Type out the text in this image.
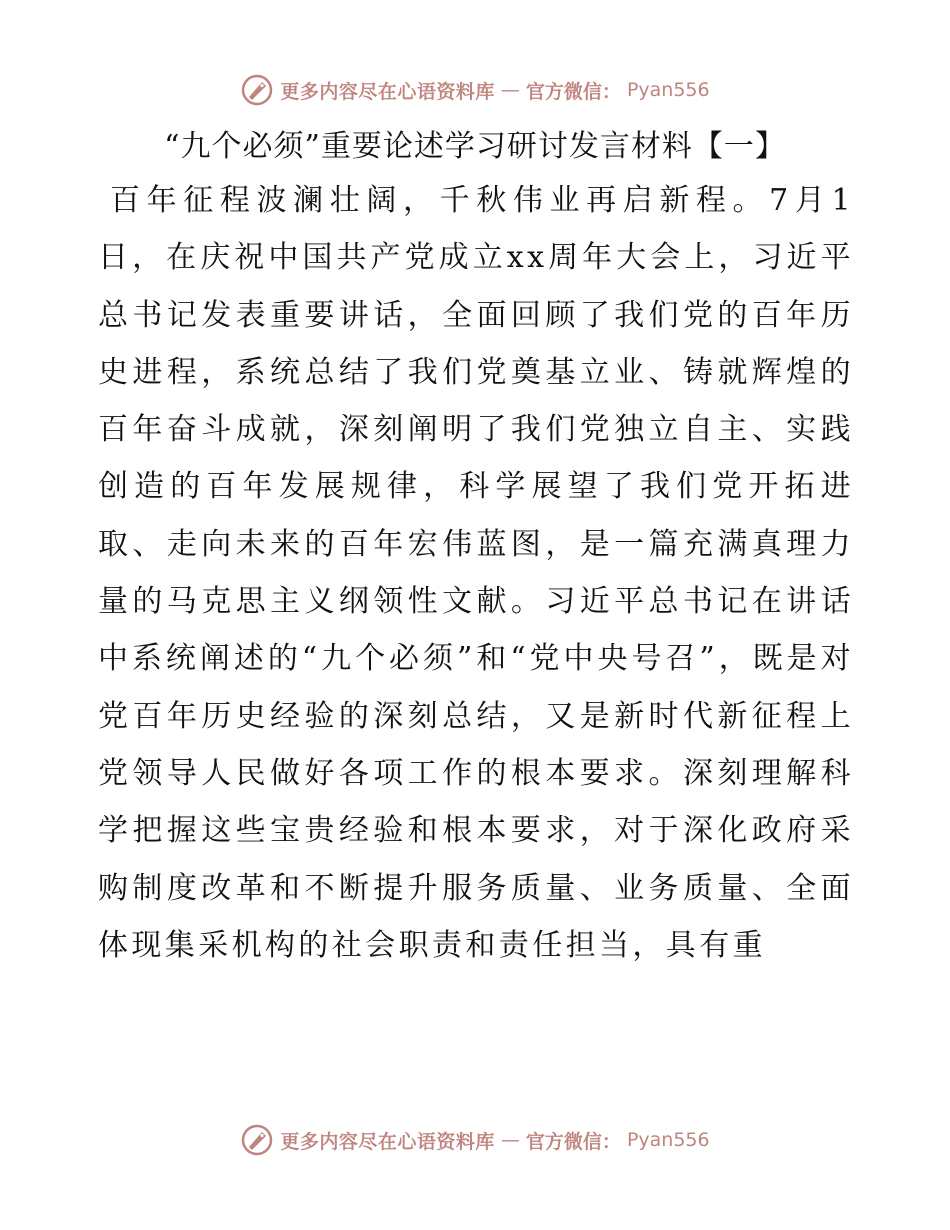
更多内容尽在心语资料库 — 官方微信： Pyan556
“九个必须”重要论述学习研讨发言材料【一】

百年征程波澜壮阔，千秋伟业再启新程。7月1日，在庆祝中国共产党成立xx周年大会上，习近平总书记发表重要讲话，全面回顾了我们党的百年历史进程，系统总结了我们党奠基立业、铸就辉煌的百年奋斗成就，深刻阐明了我们党独立自主、实践创造的百年发展规律，科学展望了我们党开拓进取、走向未来的百年宏伟蓝图，是一篇充满真理力量的马克思主义纲领性文献。习近平总书记在讲话中系统阐述的“九个必须”和“党中央号召”，既是对党百年历史经验的深刻总结，又是新时代新征程上党领导人民做好各项工作的根本要求。深刻理解科学把握这些宝贵经验和根本要求，对于深化政府采购制度改革和不断提升服务质量、业务质量、全面体现集采机构的社会职责和责任担当，具有重

更多内容尽在心语资料库 — 官方微信： Pyan556
